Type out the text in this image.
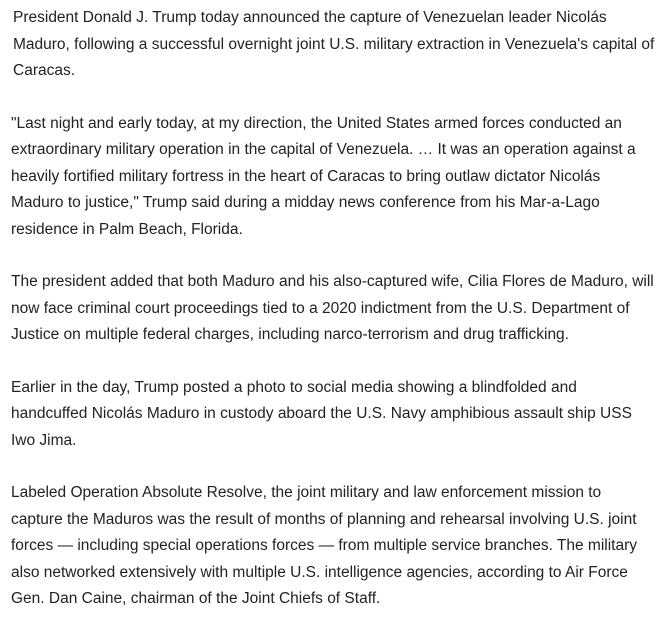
President Donald J. Trump today announced the capture of Venezuelan leader Nicolás Maduro, following a successful overnight joint U.S. military extraction in Venezuela's capital of Caracas.

"Last night and early today, at my direction, the United States armed forces conducted an extraordinary military operation in the capital of Venezuela. … It was an operation against a heavily fortified military fortress in the heart of Caracas to bring outlaw dictator Nicolás Maduro to justice," Trump said during a midday news conference from his Mar-a-Lago residence in Palm Beach, Florida.

The president added that both Maduro and his also-captured wife, Cilia Flores de Maduro, will now face criminal court proceedings tied to a 2020 indictment from the U.S. Department of Justice on multiple federal charges, including narco-terrorism and drug trafficking.

Earlier in the day, Trump posted a photo to social media showing a blindfolded and handcuffed Nicolás Maduro in custody aboard the U.S. Navy amphibious assault ship USS Iwo Jima.

Labeled Operation Absolute Resolve, the joint military and law enforcement mission to capture the Maduros was the result of months of planning and rehearsal involving U.S. joint forces — including special operations forces — from multiple service branches. The military also networked extensively with multiple U.S. intelligence agencies, according to Air Force Gen. Dan Caine, chairman of the Joint Chiefs of Staff.
